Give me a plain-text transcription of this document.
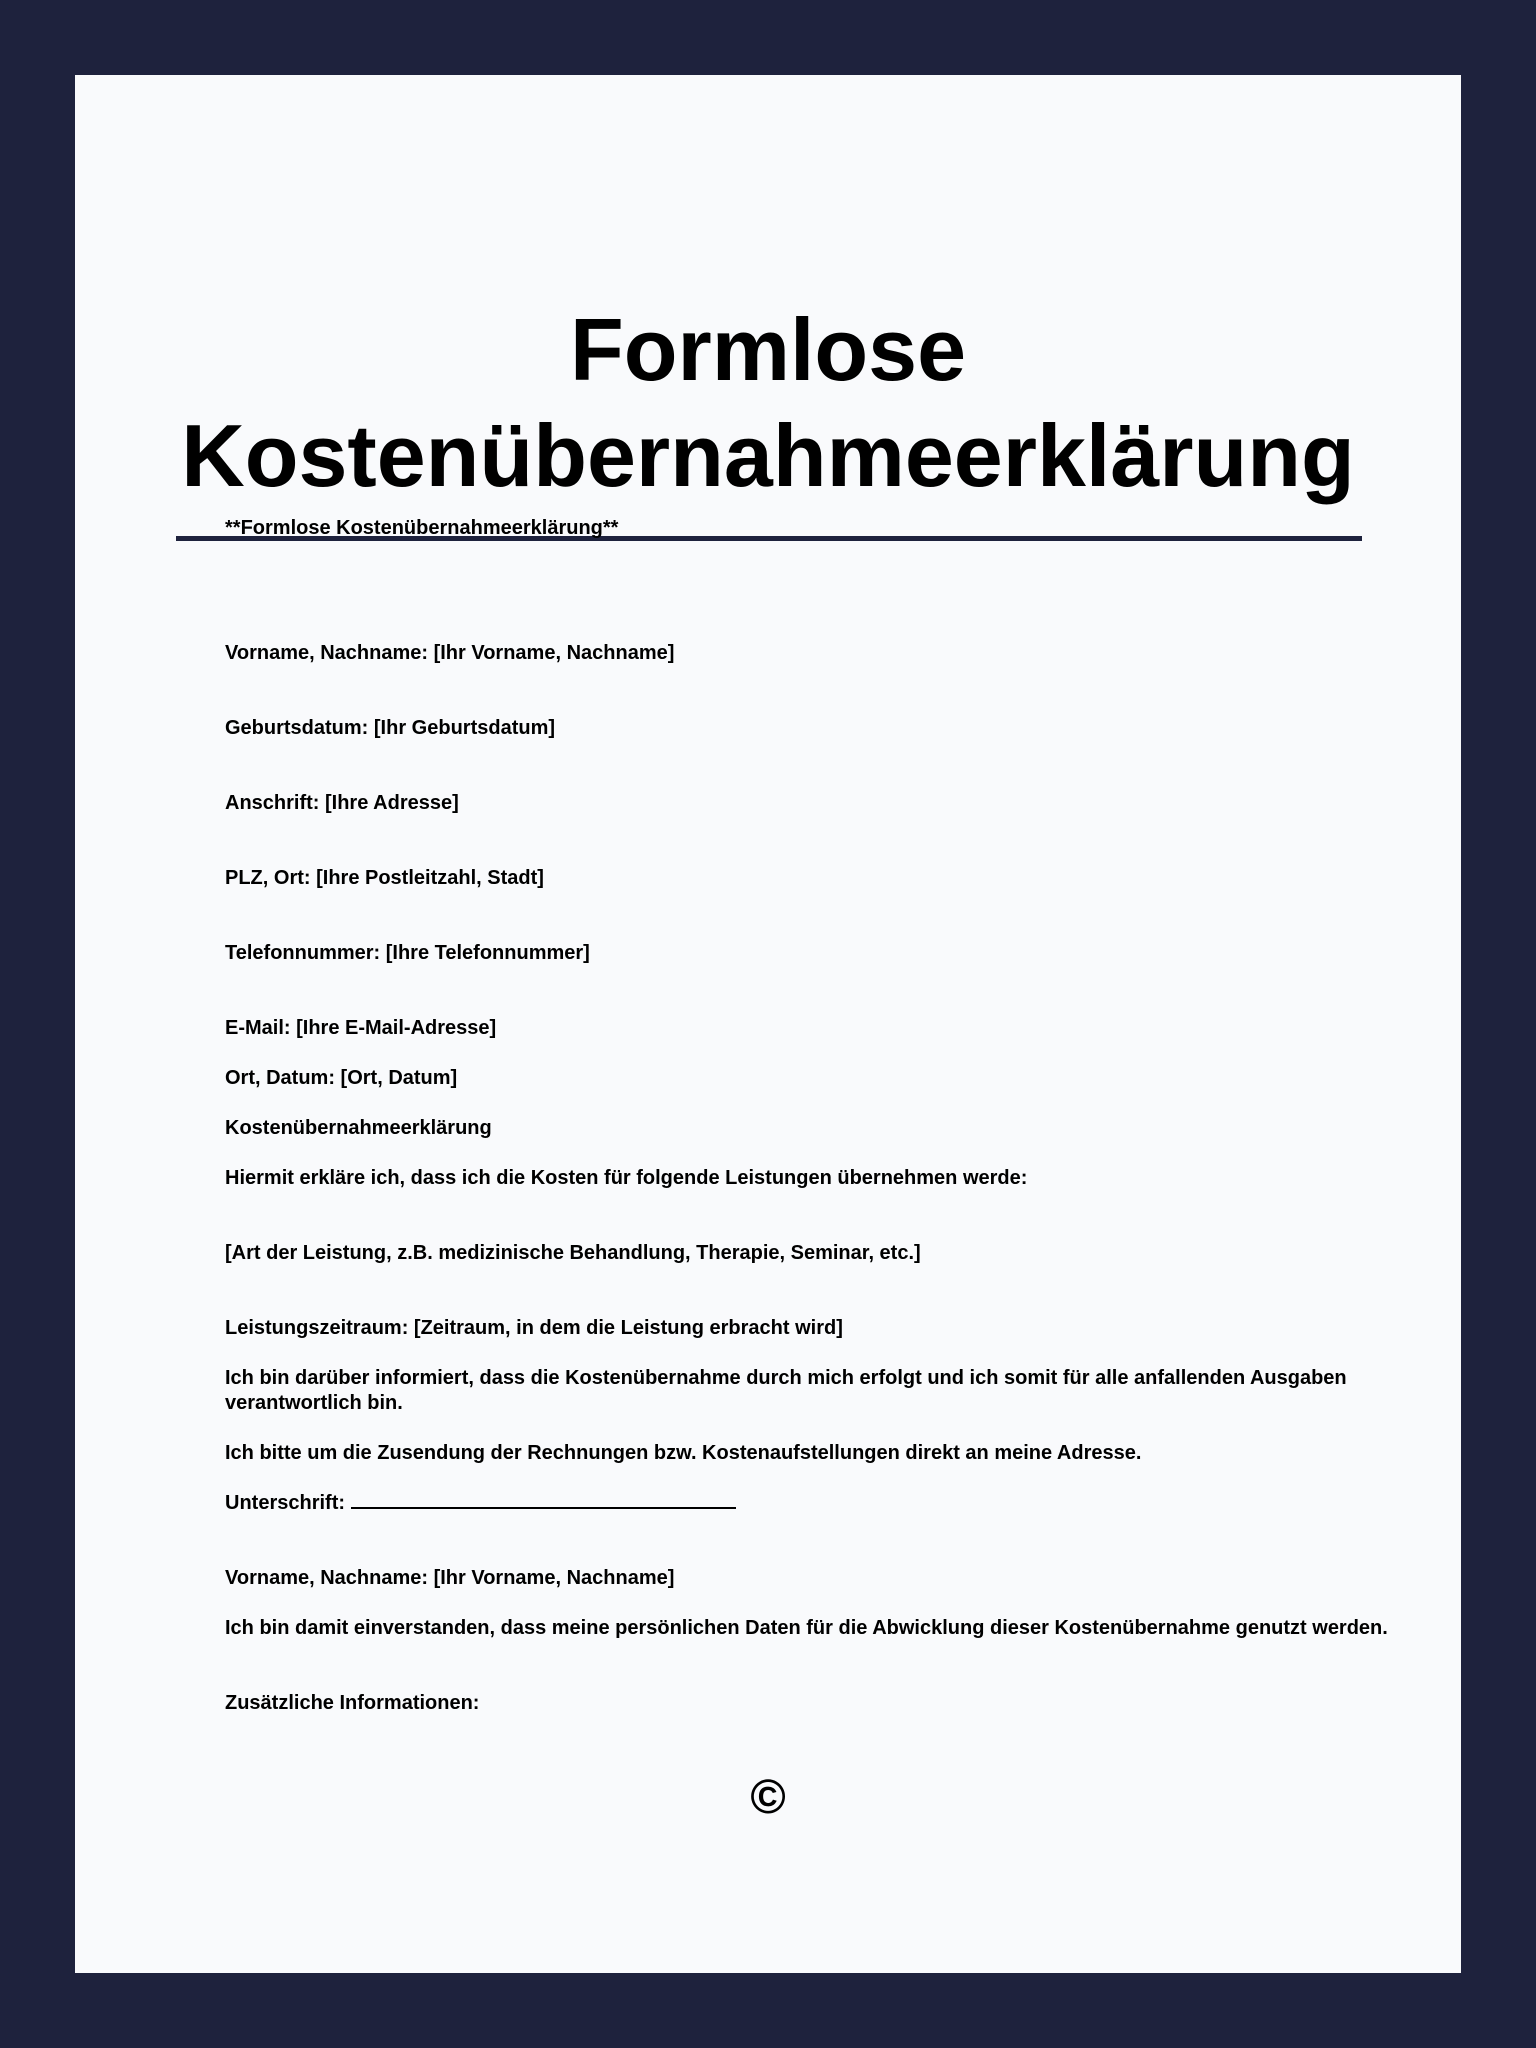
Formlose
Kostenübernahmeerklärung

**Formlose Kostenübernahmeerklärung**

Vorname, Nachname: [Ihr Vorname, Nachname]

Geburtsdatum: [Ihr Geburtsdatum]

Anschrift: [Ihre Adresse]

PLZ, Ort: [Ihre Postleitzahl, Stadt]

Telefonnummer: [Ihre Telefonnummer]

E-Mail: [Ihre E-Mail-Adresse]

Ort, Datum: [Ort, Datum]

Kostenübernahmeerklärung

Hiermit erkläre ich, dass ich die Kosten für folgende Leistungen übernehmen werde:

[Art der Leistung, z.B. medizinische Behandlung, Therapie, Seminar, etc.]

Leistungszeitraum: [Zeitraum, in dem die Leistung erbracht wird]

Ich bin darüber informiert, dass die Kostenübernahme durch mich erfolgt und ich somit für alle anfallenden Ausgaben verantwortlich bin.

Ich bitte um die Zusendung der Rechnungen bzw. Kostenaufstellungen direkt an meine Adresse.

Unterschrift:

Vorname, Nachname: [Ihr Vorname, Nachname]

Ich bin damit einverstanden, dass meine persönlichen Daten für die Abwicklung dieser Kostenübernahme genutzt werden.

Zusätzliche Informationen:

©
